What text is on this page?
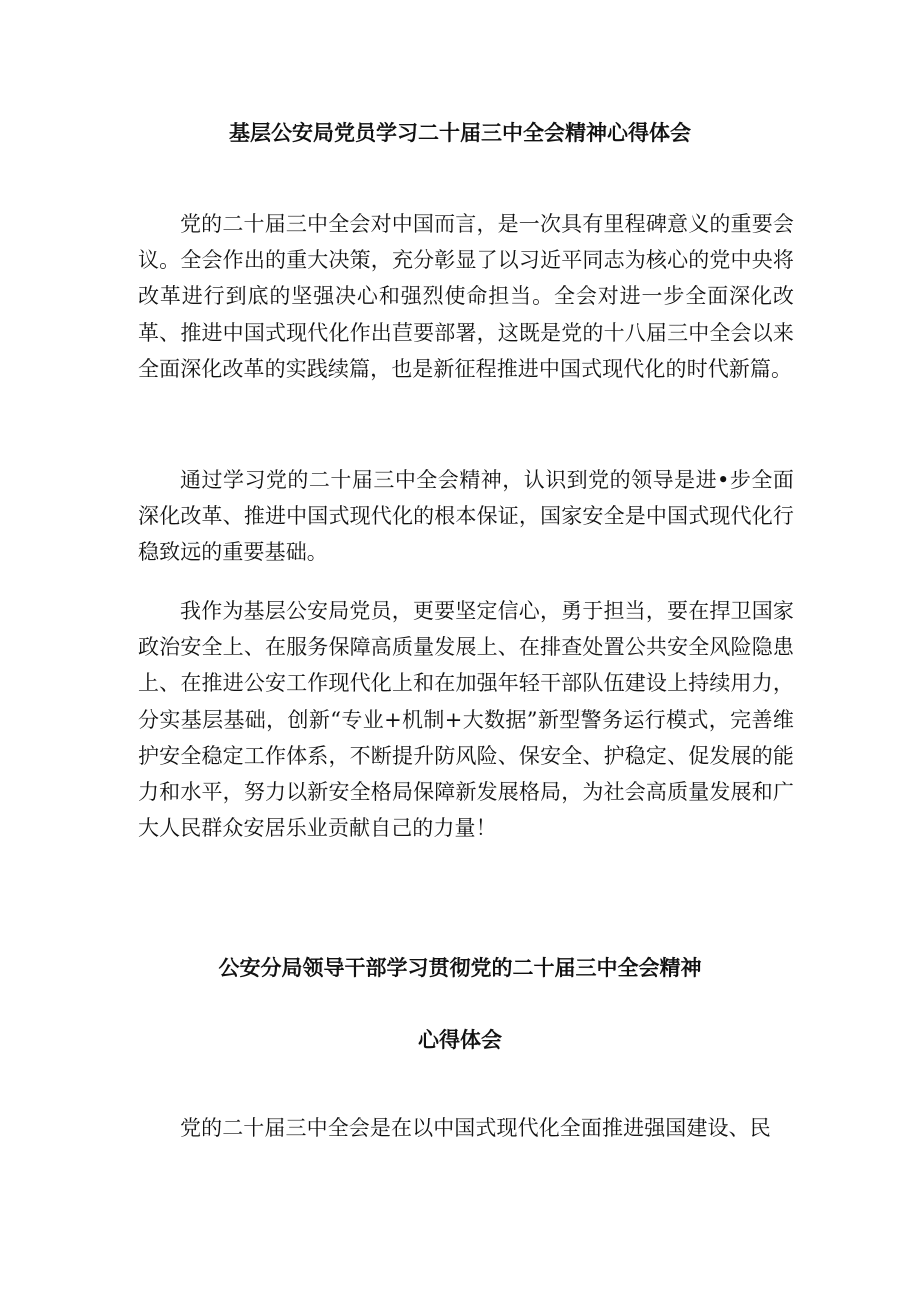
基层公安局党员学习二十届三中全会精神心得体会

党的二十届三中全会对中国而言，是一次具有里程碑意义的重要会议。全会作出的重大决策，充分彰显了以习近平同志为核心的党中央将改革进行到底的坚强决心和强烈使命担当。全会对进一步全面深化改革、推进中国式现代化作出苣要部署，这既是党的十八届三中全会以来全面深化改革的实践续篇，也是新征程推进中国式现代化的时代新篇。

通过学习党的二十届三中全会精神，认识到党的领导是进•步全面深化改革、推进中国式现代化的根本保证，国家安全是中国式现代化行稳致远的重要基础。

我作为基层公安局党员，更要坚定信心，勇于担当，要在捍卫国家政治安全上、在服务保障高质量发展上、在排查处置公共安全风险隐患上、在推进公安工作现代化上和在加强年轻干部队伍建设上持续用力，分实基层基础，创新“专业+机制+大数据”新型警务运行模式，完善维护安全稳定工作体系，不断提升防风险、保安全、护稳定、促发展的能力和水平，努力以新安全格局保障新发展格局，为社会高质量发展和广大人民群众安居乐业贡献自己的力量！

公安分局领导干部学习贯彻党的二十届三中全会精神
心得体会

党的二十届三中全会是在以中国式现代化全面推进强国建设、民
